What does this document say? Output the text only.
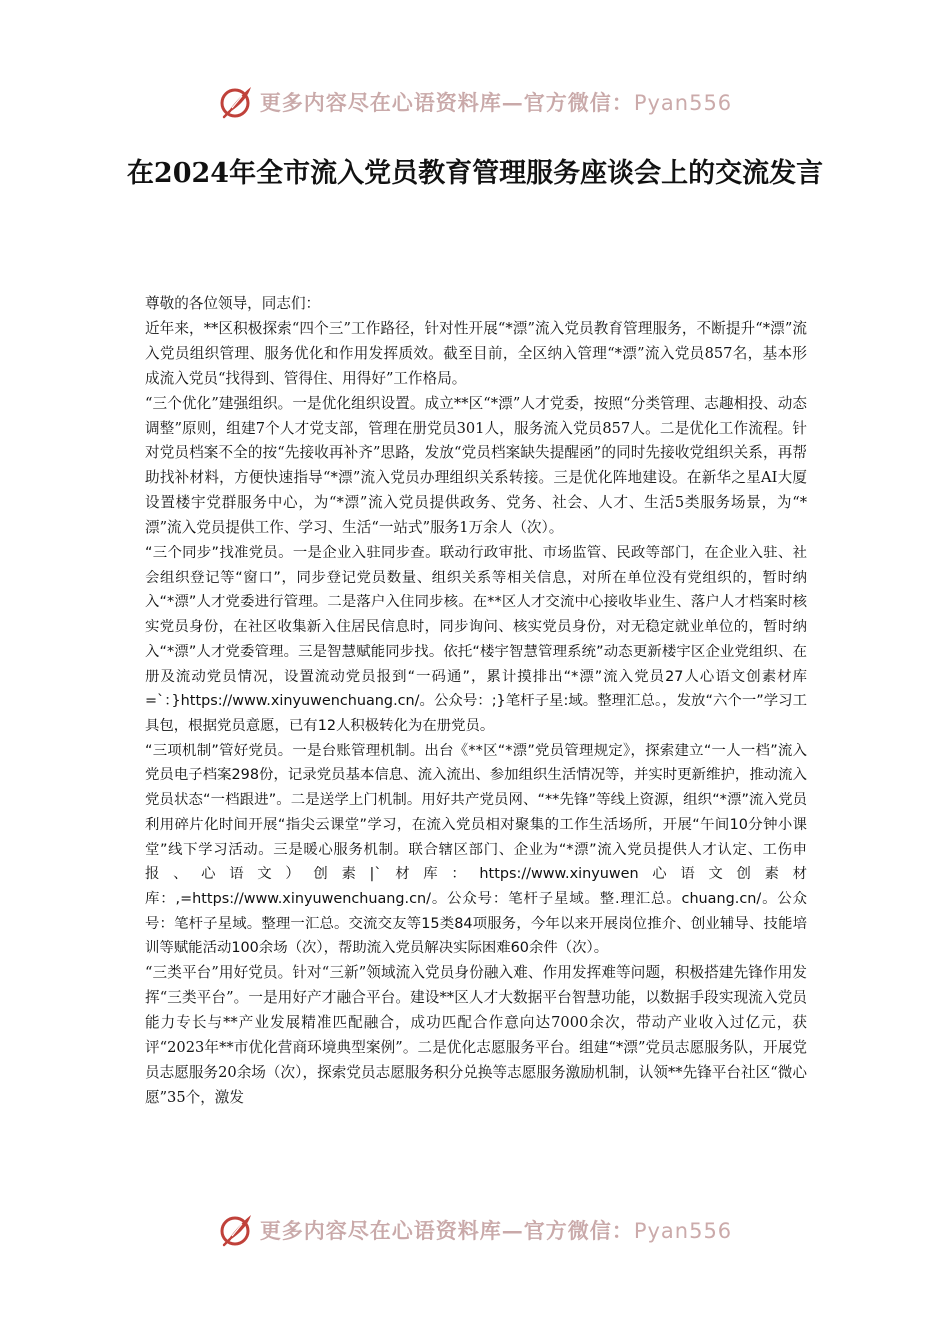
更多内容尽在心语资料库—官方微信：Pyan556
在2024年全市流入党员教育管理服务座谈会上的交流发言

尊敬的各位领导，同志们：

近年来，**区积极探索“四个三”工作路径，针对性开展“*漂”流入党员教育管理服务，不断提升“*漂”流入党员组织管理、服务优化和作用发挥质效。截至目前，全区纳入管理“*漂”流入党员857名，基本形成流入党员“找得到、管得住、用得好”工作格局。

“三个优化”建强组织。一是优化组织设置。成立**区“*漂”人才党委，按照“分类管理、志趣相投、动态调整”原则，组建7个人才党支部，管理在册党员301人，服务流入党员857人。二是优化工作流程。针对党员档案不全的按“先接收再补齐”思路，发放“党员档案缺失提醒函”的同时先接收党组织关系，再帮助找补材料，方便快速指导“*漂”流入党员办理组织关系转接。三是优化阵地建设。在新华之星AI大厦设置楼宇党群服务中心，为“*漂”流入党员提供政务、党务、社会、人才、生活5类服务场景，为“*漂”流入党员提供工作、学习、生活“一站式”服务1万余人（次）。

“三个同步”找准党员。一是企业入驻同步查。联动行政审批、市场监管、民政等部门，在企业入驻、社会组织登记等“窗口”，同步登记党员数量、组织关系等相关信息，对所在单位没有党组织的，暂时纳入“*漂”人才党委进行管理。二是落户入住同步核。在**区人才交流中心接收毕业生、落户人才档案时核实党员身份，在社区收集新入住居民信息时，同步询问、核实党员身份，对无稳定就业单位的，暂时纳入“*漂”人才党委管理。三是智慧赋能同步找。依托“楼宇智慧管理系统”动态更新楼宇区企业党组织、在册及流动党员情况，设置流动党员报到“一码通”，累计摸排出“*漂”流入党员27人心语文创素材库=`：}https://www.xinyuwenchuang.cn/。公众号：;}笔杆子星:域。整理汇总。，发放“六个一”学习工具包，根据党员意愿，已有12人积极转化为在册党员。

“三项机制”管好党员。一是台账管理机制。出台《**区“*漂”党员管理规定》，探索建立“一人一档”流入党员电子档案298份，记录党员基本信息、流入流出、参加组织生活情况等，并实时更新维护，推动流入党员状态“一档跟进”。二是送学上门机制。用好共产党员网、“**先锋”等线上资源，组织“*漂”流入党员利用碎片化时间开展“指尖云课堂”学习，在流入党员相对聚集的工作生活场所，开展“午间10分钟小课堂”线下学习活动。三是暖心服务机制。联合辖区部门、企业为“*漂”流入党员提供人才认定、工伤申报、心语文）创素|`材库：https://www.xinyuwen心语文创素材库：,=https://www.xinyuwenchuang.cn/。公众号：笔杆子星域。整.理汇总。chuang.cn/。公众号：笔杆子星域。整理一汇总。交流交友等15类84项服务，今年以来开展岗位推介、创业辅导、技能培训等赋能活动100余场（次），帮助流入党员解决实际困难60余件（次）。

“三类平台”用好党员。针对“三新”领域流入党员身份融入难、作用发挥难等问题，积极搭建先锋作用发挥“三类平台”。一是用好产才融合平台。建设**区人才大数据平台智慧功能，以数据手段实现流入党员能力专长与**产业发展精准匹配融合，成功匹配合作意向达7000余次，带动产业收入过亿元，获评“2023年**市优化营商环境典型案例”。二是优化志愿服务平台。组建“*漂”党员志愿服务队，开展党员志愿服务20余场（次），探索党员志愿服务积分兑换等志愿服务激励机制，认领**先锋平台社区“微心愿”35个，激发

更多内容尽在心语资料库—官方微信：Pyan556
